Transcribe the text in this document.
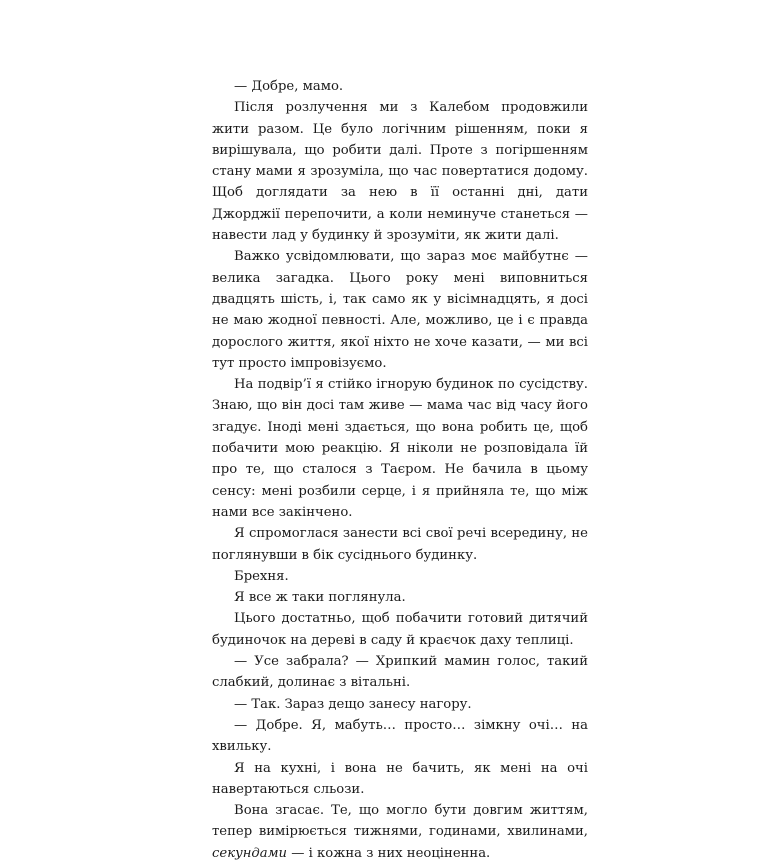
— Добре, мамо.

Після розлучення ми з Калебом продовжили жити разом. Це було логічним рішенням, поки я вирішувала, що робити далі. Проте з погіршенням стану мами я зрозуміла, що час повертатися додому. Щоб доглядати за нею в її останні дні, дати Джорджії перепочити, а коли неминуче станеться — навести лад у будинку й зрозуміти, як жити далі.

Важко усвідомлювати, що зараз моє майбутнє — велика загадка. Цього року мені виповниться двадцять шість, і, так само як у вісімнадцять, я досі не маю жодної певності. Але, можливо, це і є правда дорослого життя, якої ніхто не хоче казати, — ми всі тут просто імпровізуємо.

На подвір’ї я стійко ігнорую будинок по сусідству. Знаю, що він досі там живе — мама час від часу його згадує. Іноді мені здається, що вона робить це, щоб побачити мою реакцію. Я ніколи не розповідала їй про те, що сталося з Таєром. Не бачила в цьому сенсу: мені розбили серце, і я прийняла те, що між нами все закінчено.

Я спромоглася занести всі свої речі всередину, не поглянувши в бік сусіднього будинку.

Брехня.

Я все ж таки поглянула.

Цього достатньо, щоб побачити готовий дитячий будиночок на дереві в саду й краєчок даху теплиці.

— Усе забрала? — Хрипкий мамин голос, такий слабкий, долинає з вітальні.

— Так. Зараз дещо занесу нагору.

— Добре. Я, мабуть… просто… зімкну очі… на хвильку.

Я на кухні, і вона не бачить, як мені на очі навертаються сльози.

Вона згасає. Те, що могло бути довгим життям, тепер вимірюється тижнями, годинами, хвилинами, секундами — і кожна з них неоціненна.
